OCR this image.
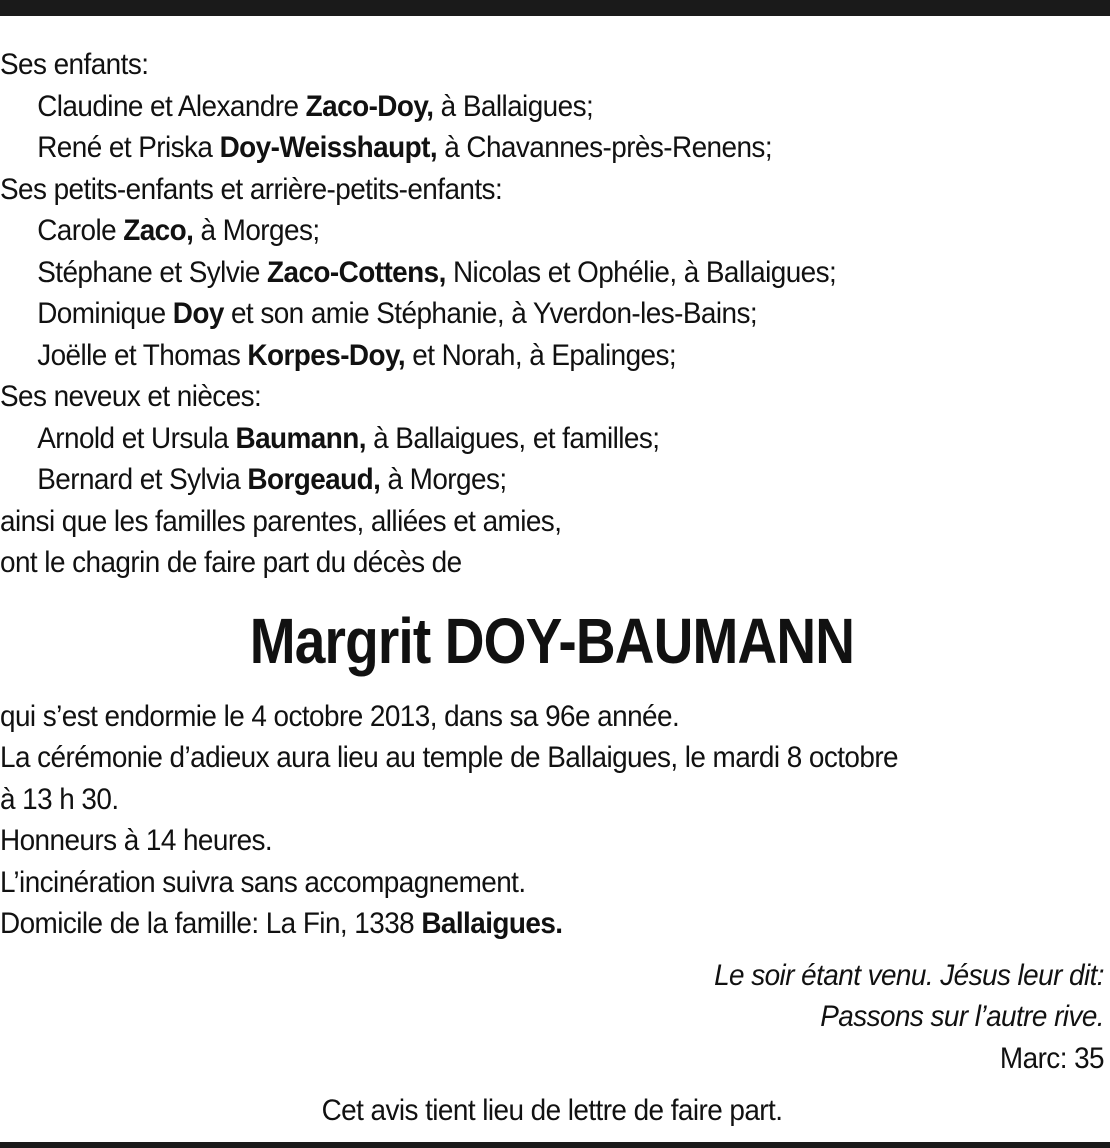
Ses enfants:
Claudine et Alexandre Zaco-Doy, à Ballaigues;
René et Priska Doy-Weisshaupt, à Chavannes-près-Renens;
Ses petits-enfants et arrière-petits-enfants:
Carole Zaco, à Morges;
Stéphane et Sylvie Zaco-Cottens, Nicolas et Ophélie, à Ballaigues;
Dominique Doy et son amie Stéphanie, à Yverdon-les-Bains;
Joëlle et Thomas Korpes-Doy, et Norah, à Epalinges;
Ses neveux et nièces:
Arnold et Ursula Baumann, à Ballaigues, et familles;
Bernard et Sylvia Borgeaud, à Morges;
ainsi que les familles parentes, alliées et amies,
ont le chagrin de faire part du décès de
Margrit DOY-BAUMANN
qui s’est endormie le 4 octobre 2013, dans sa 96e année.
La cérémonie d’adieux aura lieu au temple de Ballaigues, le mardi 8 octobre
à 13 h 30.
Honneurs à 14 heures.
L’incinération suivra sans accompagnement.
Domicile de la famille: La Fin, 1338 Ballaigues.
Le soir étant venu. Jésus leur dit:
Passons sur l’autre rive.
Marc: 35
Cet avis tient lieu de lettre de faire part.
